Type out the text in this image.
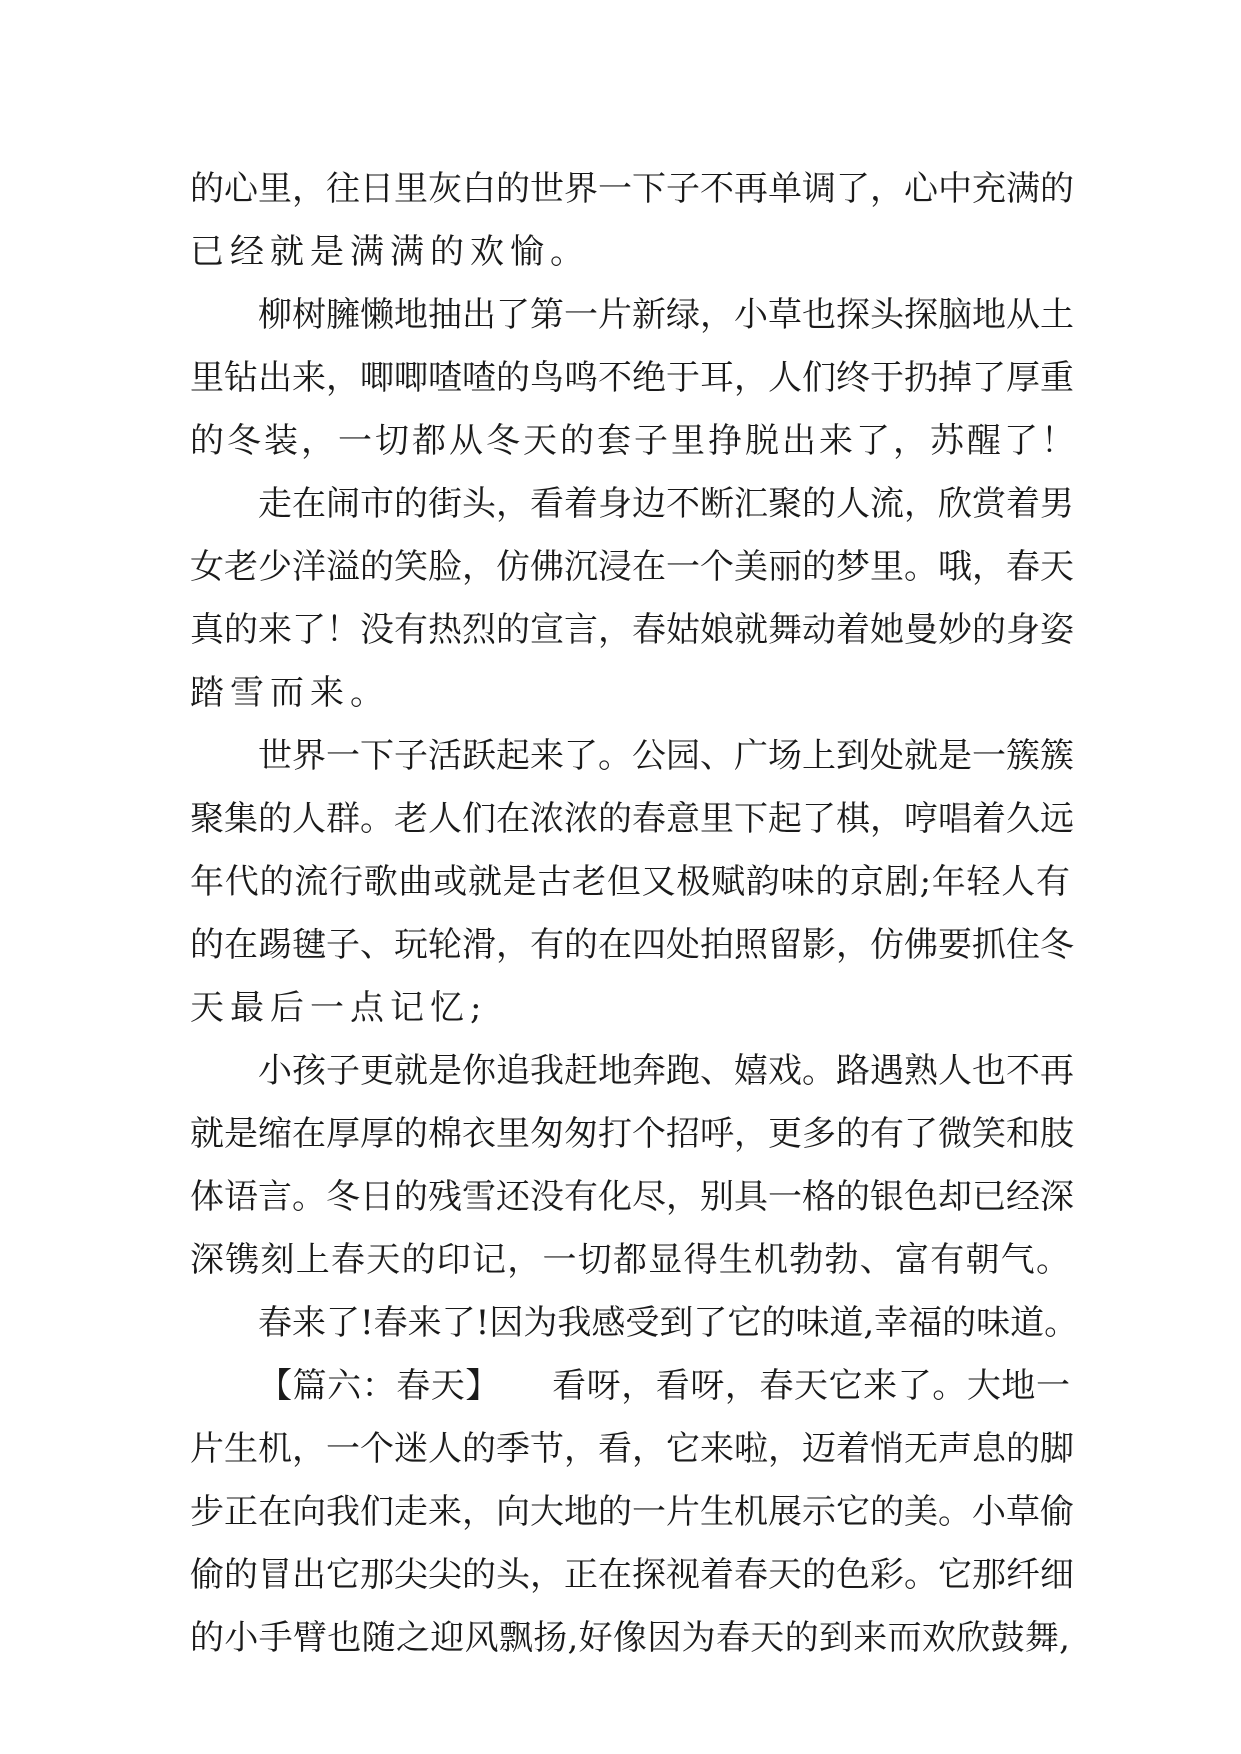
的心里，往日里灰白的世界一下子不再单调了，心中充满的
已经就是满满的欢愉。
柳树臃懒地抽出了第一片新绿，小草也探头探脑地从土
里钻出来，唧唧喳喳的鸟鸣不绝于耳，人们终于扔掉了厚重
的冬装，一切都从冬天的套子里挣脱出来了，苏醒了！
走在闹市的街头，看着身边不断汇聚的人流，欣赏着男
女老少洋溢的笑脸，仿佛沉浸在一个美丽的梦里。哦，春天
真的来了！没有热烈的宣言，春姑娘就舞动着她曼妙的身姿
踏雪而来。
世界一下子活跃起来了。公园、广场上到处就是一簇簇
聚集的人群。老人们在浓浓的春意里下起了棋，哼唱着久远
年代的流行歌曲或就是古老但又极赋韵味的京剧;年轻人有
的在踢毽子、玩轮滑，有的在四处拍照留影，仿佛要抓住冬
天最后一点记忆;
小孩子更就是你追我赶地奔跑、嬉戏。路遇熟人也不再
就是缩在厚厚的棉衣里匆匆打个招呼，更多的有了微笑和肢
体语言。冬日的残雪还没有化尽，别具一格的银色却已经深
深镌刻上春天的印记，一切都显得生机勃勃、富有朝气。
春来了!春来了!因为我感受到了它的味道,幸福的味道。
【篇六：春天】　　看呀，看呀，春天它来了。大地一
片生机，一个迷人的季节，看，它来啦，迈着悄无声息的脚
步正在向我们走来，向大地的一片生机展示它的美。小草偷
偷的冒出它那尖尖的头，正在探视着春天的色彩。它那纤细
的小手臂也随之迎风飘扬,好像因为春天的到来而欢欣鼓舞,
